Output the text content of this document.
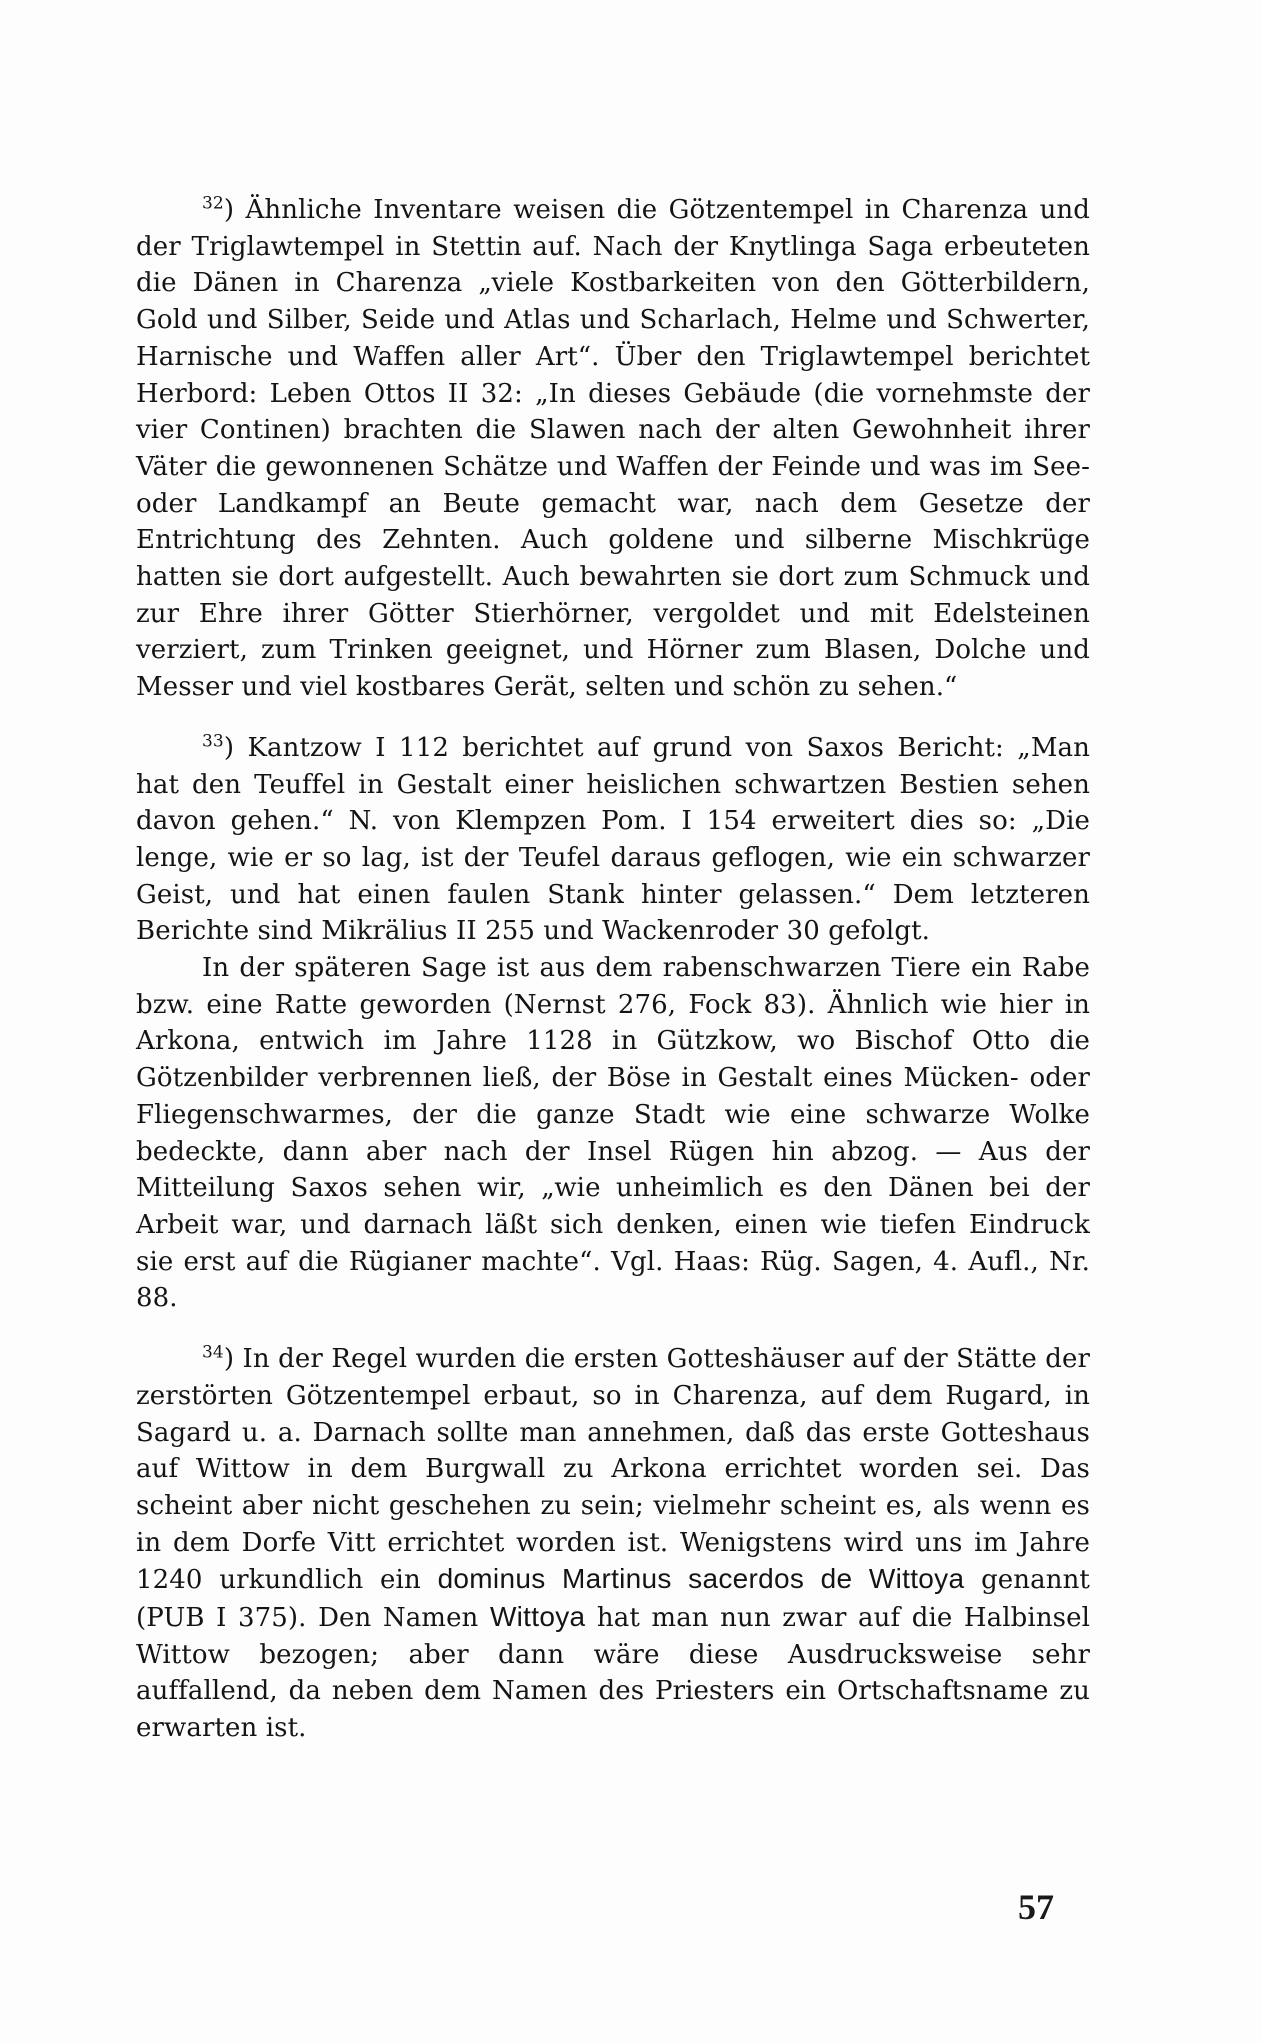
$^{32}$) Ähnliche Inventare weisen die Götzentempel in Charenza und der Triglawtempel in Stettin auf. Nach der Knytlinga Saga erbeuteten die Dänen in Charenza „viele Kostbarkeiten von den Götterbildern, Gold und Silber, Seide und Atlas und Scharlach, Helme und Schwerter, Harnische und Waffen aller Art“. Über den Triglawtempel berichtet Herbord: Leben Ottos II 32: „In dieses Gebäude (die vornehmste der vier Continen) brachten die Slawen nach der alten Gewohnheit ihrer Väter die gewonnenen Schätze und Waffen der Feinde und was im See- oder Landkampf an Beute gemacht war, nach dem Gesetze der Entrichtung des Zehnten. Auch goldene und silberne Mischkrüge hatten sie dort aufgestellt. Auch bewahrten sie dort zum Schmuck und zur Ehre ihrer Götter Stierhörner, vergoldet und mit Edelsteinen verziert, zum Trinken geeignet, und Hörner zum Blasen, Dolche und Messer und viel kostbares Gerät, selten und schön zu sehen.“

$^{33}$) Kantzow I 112 berichtet auf grund von Saxos Bericht: „Man hat den Teuffel in Gestalt einer heislichen schwartzen Bestien sehen davon gehen.“ N. von Klempzen Pom. I 154 erweitert dies so: „Die lenge, wie er so lag, ist der Teufel daraus geflogen, wie ein schwarzer Geist, und hat einen faulen Stank hinter gelassen.“ Dem letzteren Berichte sind Mikrälius II 255 und Wackenroder 30 gefolgt.

In der späteren Sage ist aus dem rabenschwarzen Tiere ein Rabe bzw. eine Ratte geworden (Nernst 276, Fock 83). Ähnlich wie hier in Arkona, entwich im Jahre 1128 in Gützkow, wo Bischof Otto die Götzenbilder verbrennen ließ, der Böse in Gestalt eines Mücken- oder Fliegenschwarmes, der die ganze Stadt wie eine schwarze Wolke bedeckte, dann aber nach der Insel Rügen hin abzog. — Aus der Mitteilung Saxos sehen wir, „wie unheimlich es den Dänen bei der Arbeit war, und darnach läßt sich denken, einen wie tiefen Eindruck sie erst auf die Rügianer machte“. Vgl. Haas: Rüg. Sagen, 4. Aufl., Nr. 88.

$^{34}$) In der Regel wurden die ersten Gotteshäuser auf der Stätte der zerstörten Götzentempel erbaut, so in Charenza, auf dem Rugard, in Sagard u. a. Darnach sollte man annehmen, daß das erste Gotteshaus auf Wittow in dem Burgwall zu Arkona errichtet worden sei. Das scheint aber nicht geschehen zu sein; vielmehr scheint es, als wenn es in dem Dorfe Vitt errichtet worden ist. Wenigstens wird uns im Jahre 1240 urkundlich ein dominus Martinus sacerdos de Wittoya genannt (PUB I 375). Den Namen Wittoya hat man nun zwar auf die Halbinsel Wittow bezogen; aber dann wäre diese Ausdrucksweise sehr auffallend, da neben dem Namen des Priesters ein Ortschaftsname zu erwarten ist.

57
